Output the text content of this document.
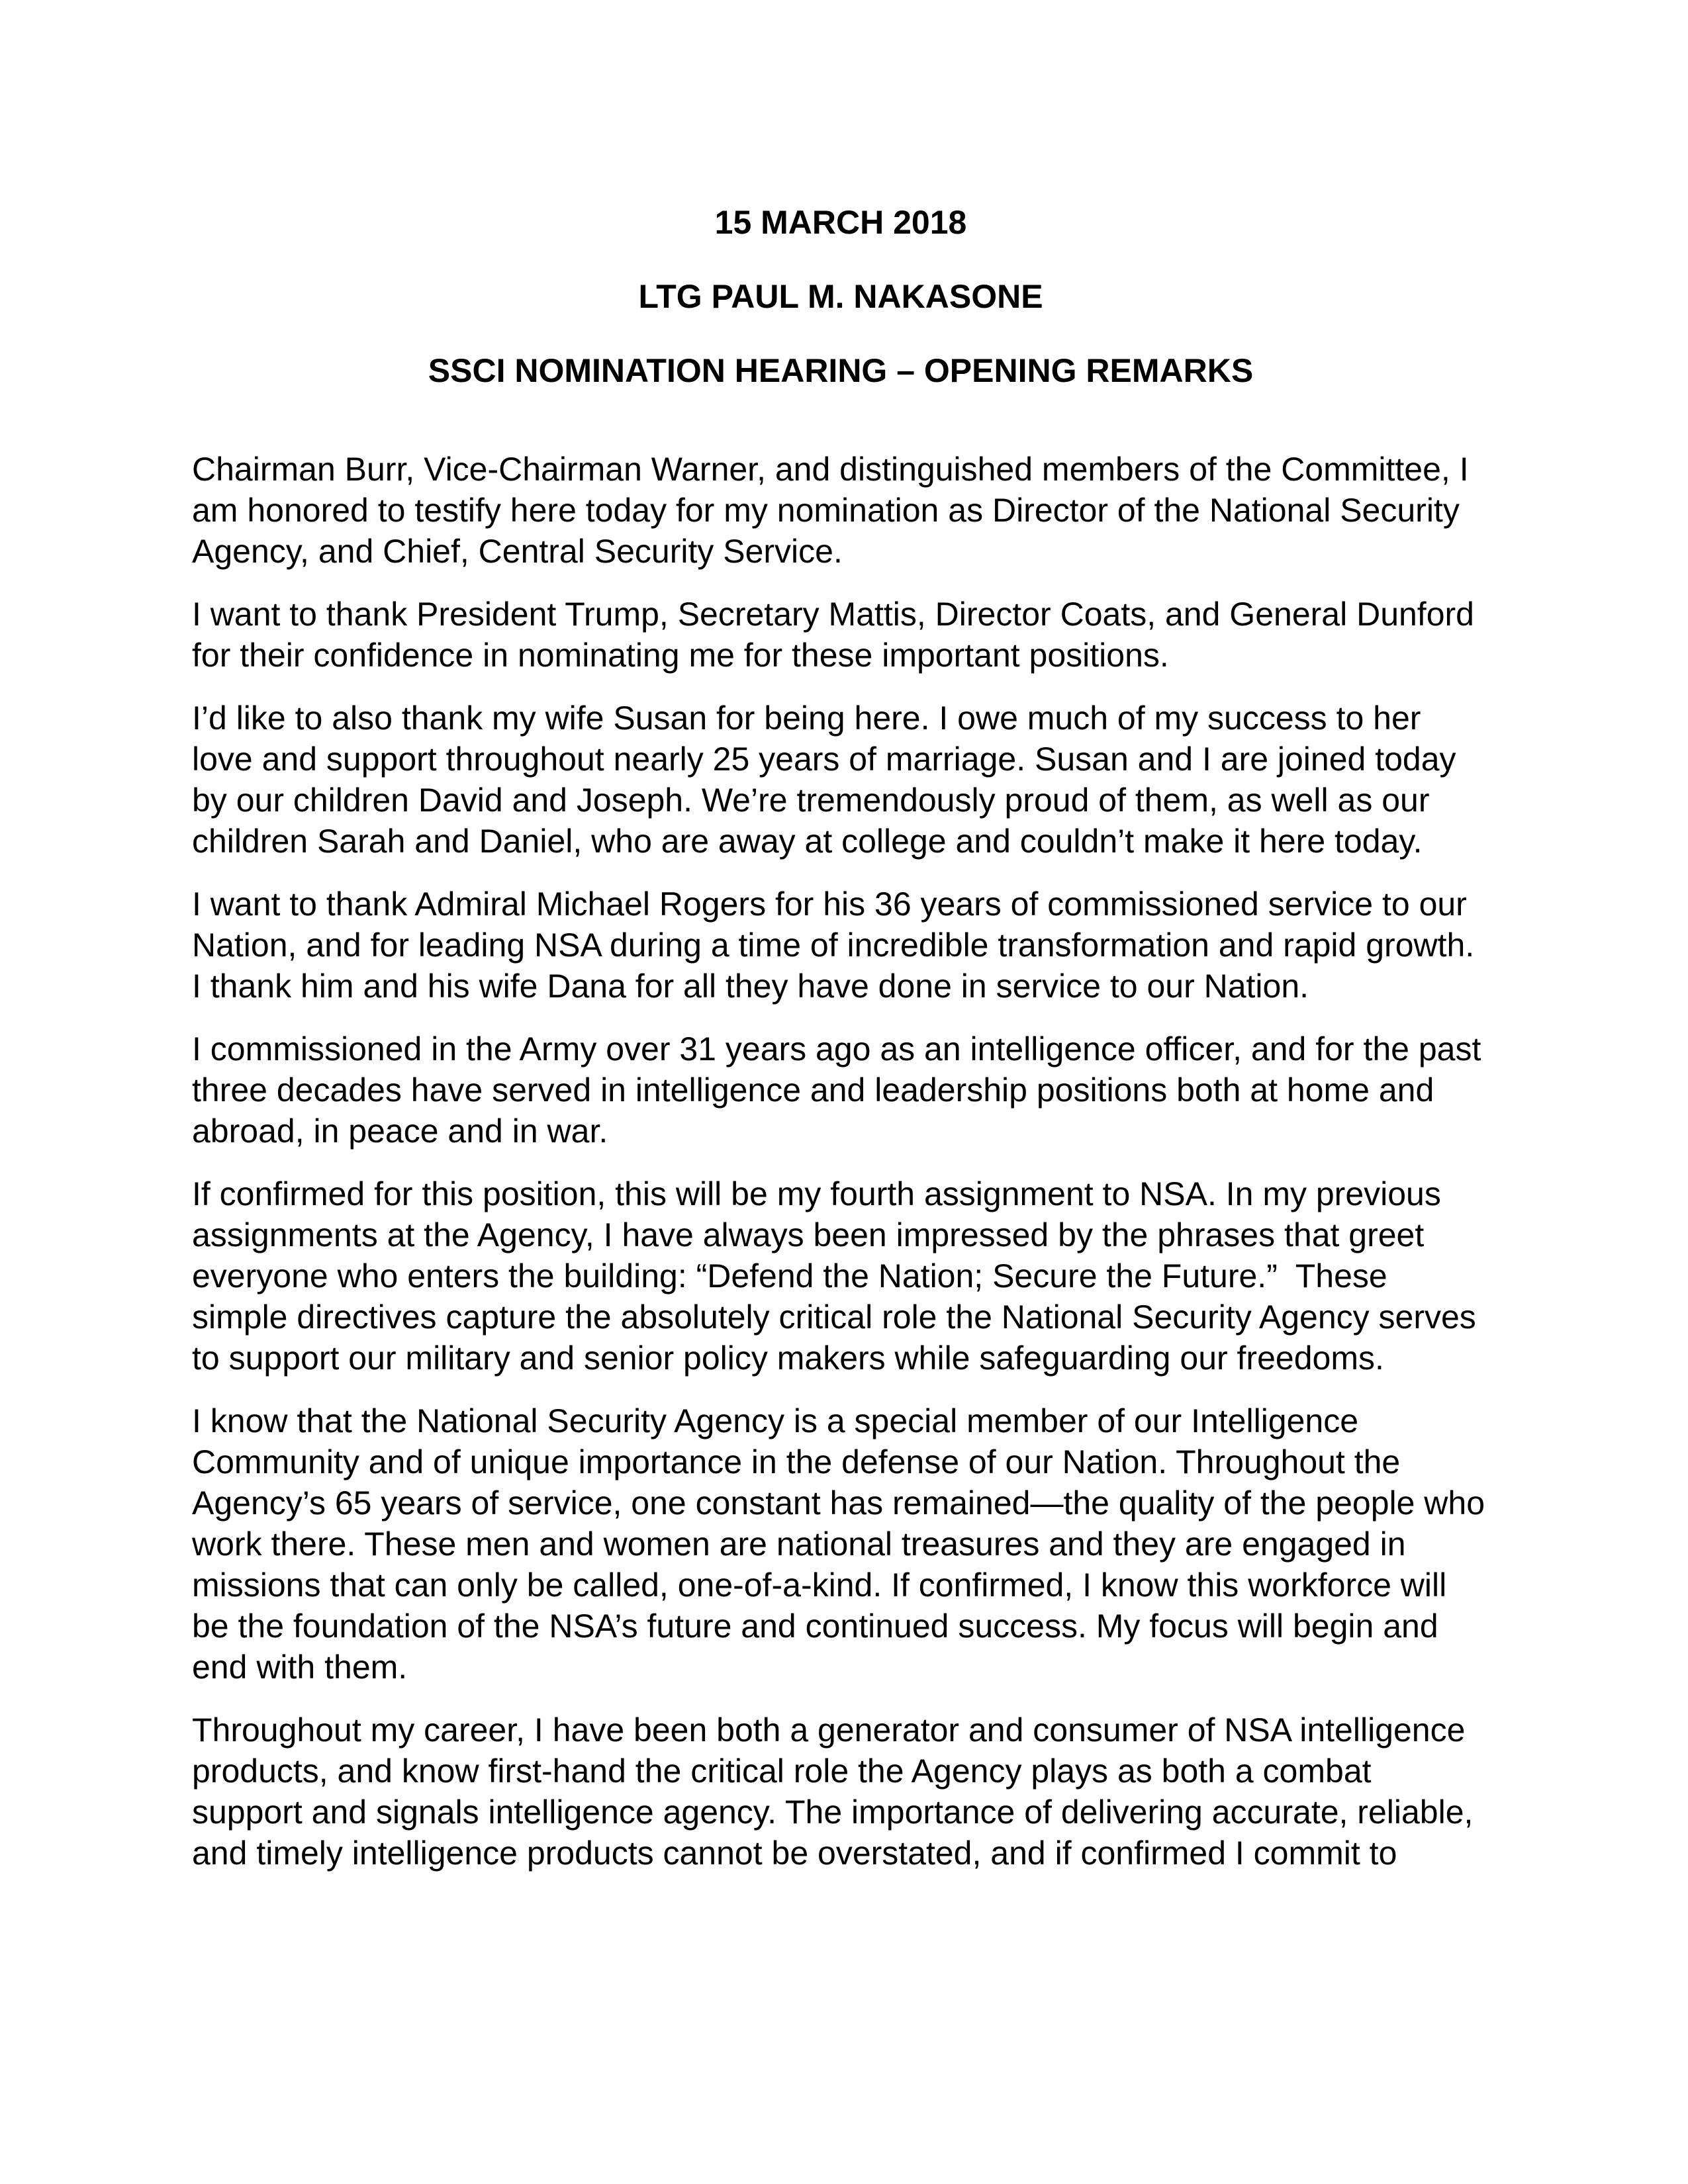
15 MARCH 2018

LTG PAUL M. NAKASONE

SSCI NOMINATION HEARING – OPENING REMARKS

Chairman Burr, Vice-Chairman Warner, and distinguished members of the Committee, I am honored to testify here today for my nomination as Director of the National Security Agency, and Chief, Central Security Service.

I want to thank President Trump, Secretary Mattis, Director Coats, and General Dunford for their confidence in nominating me for these important positions.

I’d like to also thank my wife Susan for being here. I owe much of my success to her love and support throughout nearly 25 years of marriage. Susan and I are joined today by our children David and Joseph. We’re tremendously proud of them, as well as our children Sarah and Daniel, who are away at college and couldn’t make it here today.

I want to thank Admiral Michael Rogers for his 36 years of commissioned service to our Nation, and for leading NSA during a time of incredible transformation and rapid growth. I thank him and his wife Dana for all they have done in service to our Nation.

I commissioned in the Army over 31 years ago as an intelligence officer, and for the past three decades have served in intelligence and leadership positions both at home and abroad, in peace and in war.

If confirmed for this position, this will be my fourth assignment to NSA. In my previous assignments at the Agency, I have always been impressed by the phrases that greet everyone who enters the building: “Defend the Nation; Secure the Future.”  These simple directives capture the absolutely critical role the National Security Agency serves to support our military and senior policy makers while safeguarding our freedoms.

I know that the National Security Agency is a special member of our Intelligence Community and of unique importance in the defense of our Nation. Throughout the Agency’s 65 years of service, one constant has remained—the quality of the people who work there. These men and women are national treasures and they are engaged in missions that can only be called, one-of-a-kind. If confirmed, I know this workforce will be the foundation of the NSA’s future and continued success. My focus will begin and end with them.

Throughout my career, I have been both a generator and consumer of NSA intelligence products, and know first-hand the critical role the Agency plays as both a combat support and signals intelligence agency. The importance of delivering accurate, reliable, and timely intelligence products cannot be overstated, and if confirmed I commit to
